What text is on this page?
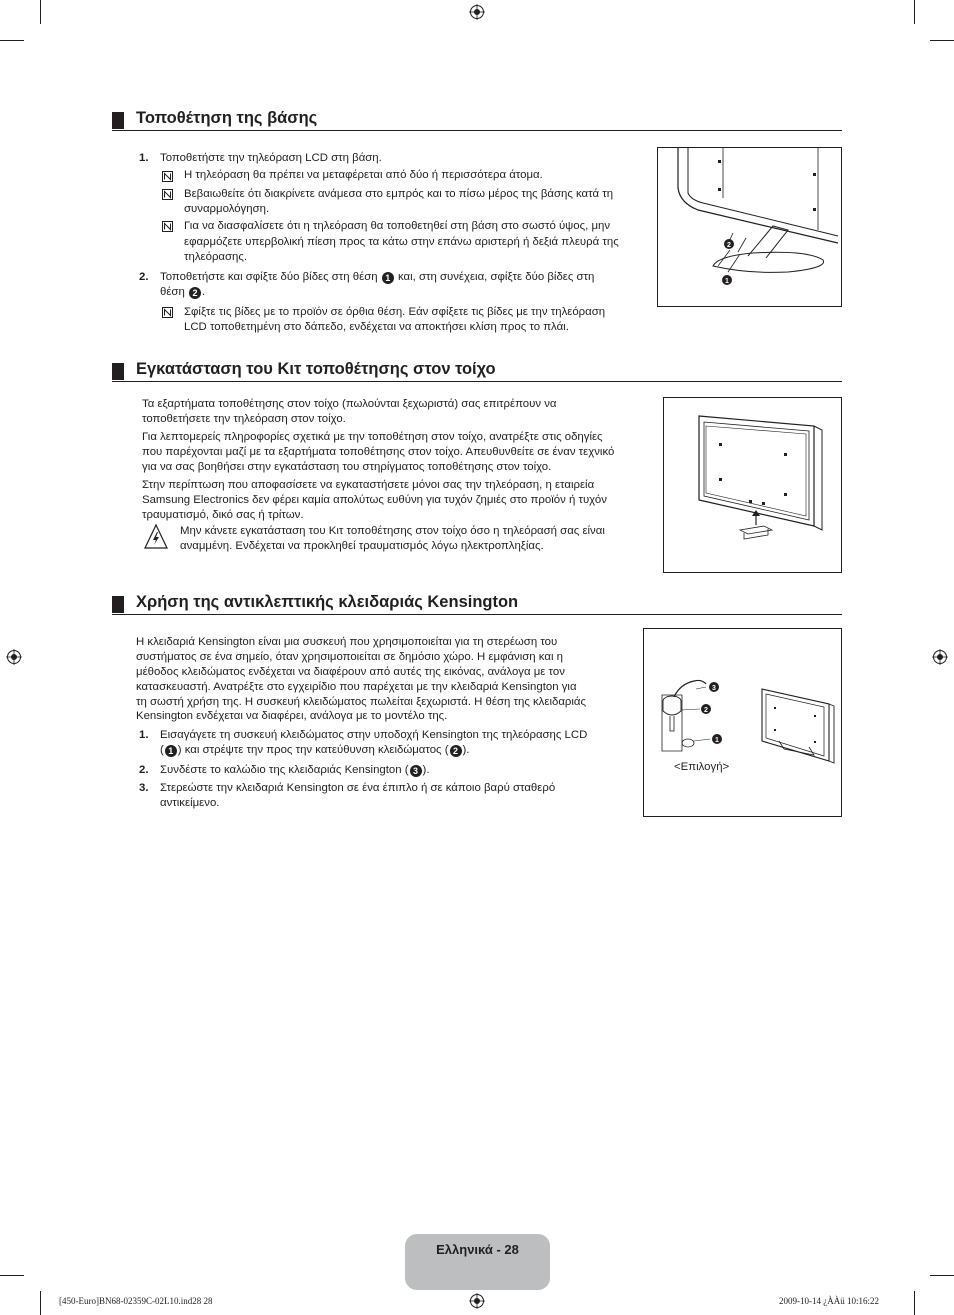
Τοποθέτηση της βάσης
1. Τοποθετήστε την τηλεόραση LCD στη βάση.
Η τηλεόραση θα πρέπει να μεταφέρεται από δύο ή περισσότερα άτομα.
Βεβαιωθείτε ότι διακρίνετε ανάμεσα στο εμπρός και το πίσω μέρος της βάσης κατά τη
συναρμολόγηση.
Για να διασφαλίσετε ότι η τηλεόραση θα τοποθετηθεί στη βάση στο σωστό ύψος, μην
εφαρμόζετε υπερβολική πίεση προς τα κάτω στην επάνω αριστερή ή δεξιά πλευρά της
τηλεόρασης.
2. Τοποθετήστε και σφίξτε δύο βίδες στη θέση 1 και, στη συνέχεια, σφίξτε δύο βίδες στη
θέση 2 .
Σφίξτε τις βίδες με το προϊόν σε όρθια θέση. Εάν σφίξετε τις βίδες με την τηλεόραση
LCD τοποθετημένη στο δάπεδο, ενδέχεται να αποκτήσει κλίση προς το πλάι.
2
1
Εγκατάσταση του Κιτ τοποθέτησης στον τοίχο
Τα εξαρτήματα τοποθέτησης στον τοίχο (πωλούνται ξεχωριστά) σας επιτρέπουν να
τοποθετήσετε την τηλεόραση στον τοίχο.
Για λεπτομερείς πληροφορίες σχετικά με την τοποθέτηση στον τοίχο, ανατρέξτε στις οδηγίες
που παρέχονται μαζί με τα εξαρτήματα τοποθέτησης στον τοίχο. Απευθυνθείτε σε έναν τεχνικό
για να σας βοηθήσει στην εγκατάσταση του στηρίγματος τοποθέτησης στον τοίχο.
Στην περίπτωση που αποφασίσετε να εγκαταστήσετε μόνοι σας την τηλεόραση, η εταιρεία
Samsung Electronics δεν φέρει καμία απολύτως ευθύνη για τυχόν ζημιές στο προϊόν ή τυχόν
τραυματισμό, δικό σας ή τρίτων.
Μην κάνετε εγκατάσταση του Κιτ τοποθέτησης στον τοίχο όσο η τηλεόρασή σας είναι
αναμμένη. Ενδέχεται να προκληθεί τραυματισμός λόγω ηλεκτροπληξίας.
Χρήση της αντικλεπτικής κλειδαριάς Kensington
Η κλειδαριά Kensington είναι μια συσκευή που χρησιμοποιείται για τη στερέωση του
συστήματος σε ένα σημείο, όταν χρησιμοποιείται σε δημόσιο χώρο. Η εμφάνιση και η
μέθοδος κλειδώματος ενδέχεται να διαφέρουν από αυτές της εικόνας, ανάλογα με τον
κατασκευαστή. Ανατρέξτε στο εγχειρίδιο που παρέχεται με την κλειδαριά Kensington για
τη σωστή χρήση της. Η συσκευή κλειδώματος πωλείται ξεχωριστά. Η θέση της κλειδαριάς
Kensington ενδέχεται να διαφέρει, ανάλογα με το μοντέλο της.
1. Εισαγάγετε τη συσκευή κλειδώματος στην υποδοχή Kensington της τηλεόρασης LCD
( 1 ) και στρέψτε την προς την κατεύθυνση κλειδώματος ( 2 ).
2. Συνδέστε το καλώδιο της κλειδαριάς Kensington ( 3 ).
3. Στερεώστε την κλειδαριά Kensington σε ένα έπιπλο ή σε κάποιο βαρύ σταθερό
αντικείμενο.
3
2
1
<Επιλογή>
Ελληνικά - 28
[450-Euro]BN68-02359C-02L10.ind28 28	2009-10-14 ¿ÀÀü 10:16:22
